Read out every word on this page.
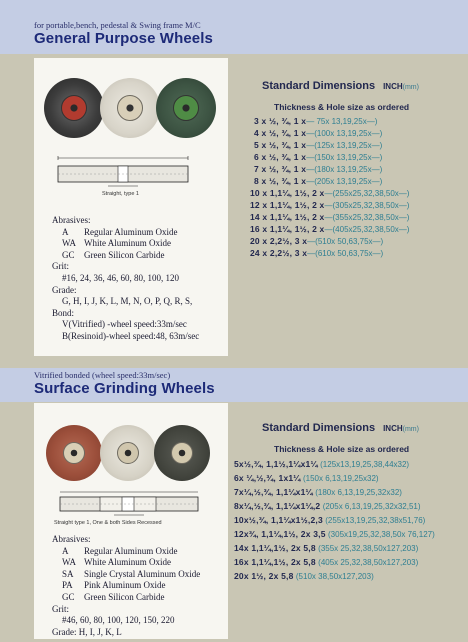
for portable,bench, pedestal & Swing frame M/C
General Purpose Wheels
Straight, type 1
Abrasives:
A Regular Aluminum Oxide
WA White Aluminum Oxide
GC Green Silicon Carbide
Grit:
#16, 24, 36, 46, 60, 80, 100, 120
Grade:
G, H, I, J, K, L, M, N, O, P, Q, R, S,
Bond:
V(Vitrified) -wheel speed:33m/sec
B(Resinoid)-wheel speed:48, 63m/sec
Standard Dimensions INCH(mm)
Thickness & Hole size as ordered
3 x ½, ¾, 1 x— 75x 13,19,25x—)
4 x ½, ¾, 1 x—(100x 13,19,25x—)
5 x ½, ¾, 1 x—(125x 13,19,25x—)
6 x ½, ¾, 1 x—(150x 13,19,25x—)
7 x ½, ¾, 1 x—(180x 13,19,25x—)
8 x ½, ¾, 1 x—(205x 13,19,25x—)
10 x 1,1¼, 1½, 2 x—(255x25,32,38,50x—)
12 x 1,1¼, 1½, 2 x—(305x25,32,38,50x—)
14 x 1,1¼, 1½, 2 x—(355x25,32,38,50x—)
16 x 1,1¼, 1½, 2 x—(405x25,32,38,50x—)
20 x 2,2½, 3 x—(510x 50,63,75x—)
24 x 2,2½, 3 x—(610x 50,63,75x—)
Vitrified bonded (wheel speed:33m/sec)
Surface Grinding Wheels
Straight type 1, One & both Sides Recessed
Abrasives:
A Regular Aluminum Oxide
WA White Aluminum Oxide
SA Single Crystal Aluminum Oxide
PA Pink Aluminum Oxide
GC Green Silicon Carbide
Grit:
#46, 60, 80, 100, 120, 150, 220
Grade: H, I, J, K, L
Standard Dimensions INCH(mm)
Thickness & Hole size as ordered
5x½,¾, 1,1½,1¼x1¼ (125x13,19,25,38,44x32)
6x ¼,½,¾, 1x1¼ (150x 6,13,19,25x32)
7x¼,½,¾, 1,1¼x1¼ (180x 6,13,19,25,32x32)
8x¼,½,¾, 1,1¼x1¼,2 (205x 6,13,19,25,32x32,51)
10x½,¾, 1,1¼x1½,2,3 (255x13,19,25,32,38x51,76)
12x¾, 1,1¼,1½, 2x 3,5 (305x19,25,32,38,50x 76,127)
14x 1,1¼,1½, 2x 5,8 (355x 25,32,38,50x127,203)
16x 1,1¼,1½, 2x 5,8 (405x 25,32,38,50x127,203)
20x 1½, 2x 5,8 (510x 38,50x127,203)
